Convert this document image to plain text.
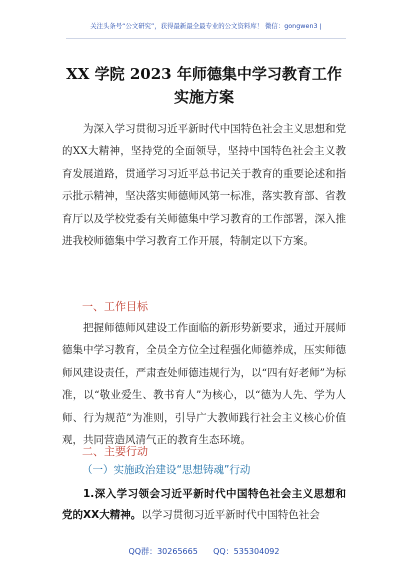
关注头条号“公文研究”，获得最新最全最专业的公文资料库！ 微信：gongwen3 |
XX 学院 2023 年师德集中学习教育工作
实施方案

为深入学习贯彻习近平新时代中国特色社会主义思想和党的XX大精神，坚持党的全面领导，坚持中国特色社会主义教育发展道路，贯通学习习近平总书记关于教育的重要论述和指示批示精神，坚决落实师德师风第一标准，落实教育部、省教育厅以及学校党委有关师德集中学习教育的工作部署，深入推进我校师德集中学习教育工作开展，特制定以下方案。

一、工作目标

把握师德师风建设工作面临的新形势新要求，通过开展师德集中学习教育，全员全方位全过程强化师德养成，压实师德师风建设责任，严肃查处师德违规行为，以“四有好老师”为标准，以“敬业爱生、教书育人”为核心，以“德为人先、学为人师、行为规范”为准则，引导广大教师践行社会主义核心价值观，共同营造风清气正的教育生态环境。

二、主要行动
（一）实施政治建设“思想铸魂”行动

1.深入学习领会习近平新时代中国特色社会主义思想和党的XX大精神。以学习贯彻习近平新时代中国特色社会

QQ群：30265665      QQ：535304092
